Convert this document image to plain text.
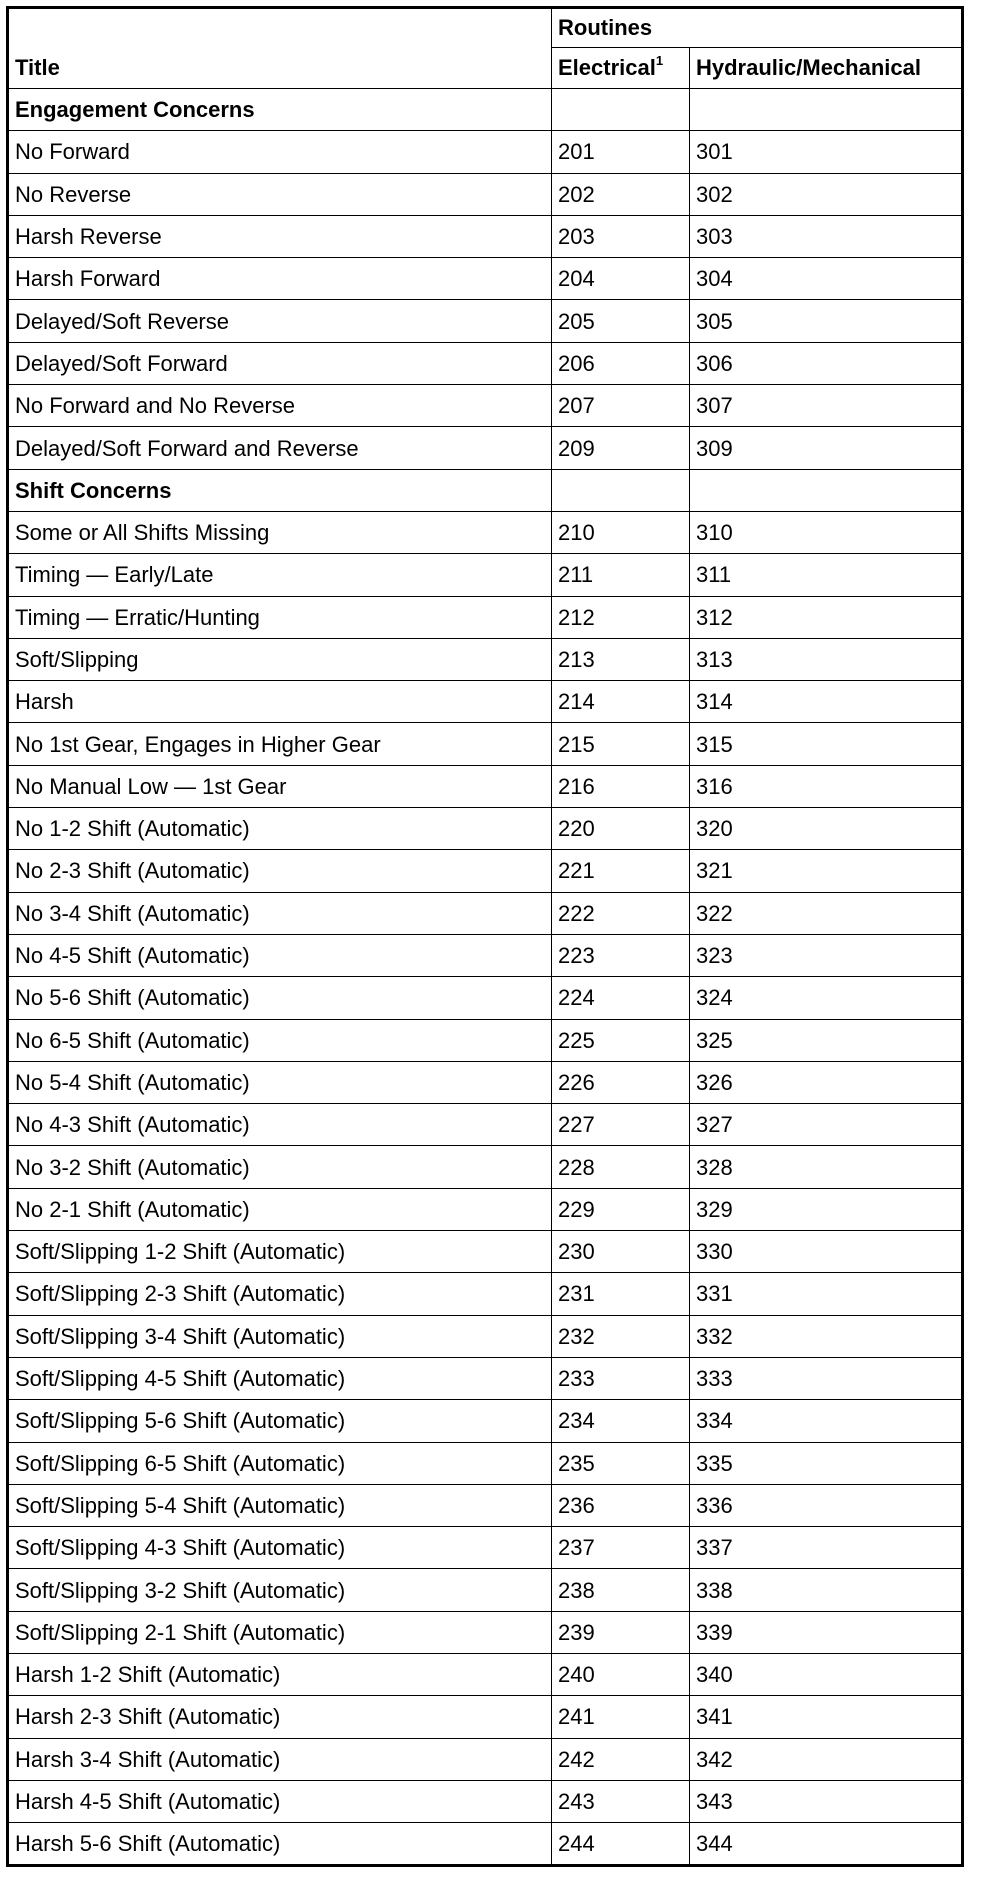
	Routines	
Title	Electrical$^1$	Hydraulic/Mechanical
Engagement Concerns		
No Forward	201	301
No Reverse	202	302
Harsh Reverse	203	303
Harsh Forward	204	304
Delayed/Soft Reverse	205	305
Delayed/Soft Forward	206	306
No Forward and No Reverse	207	307
Delayed/Soft Forward and Reverse	209	309
Shift Concerns		
Some or All Shifts Missing	210	310
Timing — Early/Late	211	311
Timing — Erratic/Hunting	212	312
Soft/Slipping	213	313
Harsh	214	314
No 1st Gear, Engages in Higher Gear	215	315
No Manual Low — 1st Gear	216	316
No 1-2 Shift (Automatic)	220	320
No 2-3 Shift (Automatic)	221	321
No 3-4 Shift (Automatic)	222	322
No 4-5 Shift (Automatic)	223	323
No 5-6 Shift (Automatic)	224	324
No 6-5 Shift (Automatic)	225	325
No 5-4 Shift (Automatic)	226	326
No 4-3 Shift (Automatic)	227	327
No 3-2 Shift (Automatic)	228	328
No 2-1 Shift (Automatic)	229	329
Soft/Slipping 1-2 Shift (Automatic)	230	330
Soft/Slipping 2-3 Shift (Automatic)	231	331
Soft/Slipping 3-4 Shift (Automatic)	232	332
Soft/Slipping 4-5 Shift (Automatic)	233	333
Soft/Slipping 5-6 Shift (Automatic)	234	334
Soft/Slipping 6-5 Shift (Automatic)	235	335
Soft/Slipping 5-4 Shift (Automatic)	236	336
Soft/Slipping 4-3 Shift (Automatic)	237	337
Soft/Slipping 3-2 Shift (Automatic)	238	338
Soft/Slipping 2-1 Shift (Automatic)	239	339
Harsh 1-2 Shift (Automatic)	240	340
Harsh 2-3 Shift (Automatic)	241	341
Harsh 3-4 Shift (Automatic)	242	342
Harsh 4-5 Shift (Automatic)	243	343
Harsh 5-6 Shift (Automatic)	244	344
